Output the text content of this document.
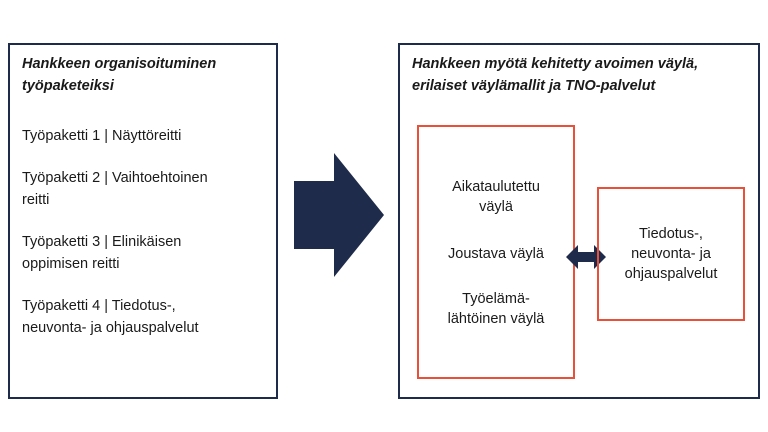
Hankkeen organisoituminen
työpaketeiksi

Työpaketti 1 | Näyttöreitti
Työpaketti 2 | Vaihtoehtoinen
reitti
Työpaketti 3 | Elinikäisen
oppimisen reitti
Työpaketti 4 | Tiedotus-,
neuvonta- ja ohjauspalvelut

Hankkeen myötä kehitetty avoimen väylä,
erilaiset väylämallit ja TNO-palvelut

Aikataulutettu
väylä
Joustava väylä
Työelämä-
lähtöinen väylä
Tiedotus-,
neuvonta- ja
ohjauspalvelut
